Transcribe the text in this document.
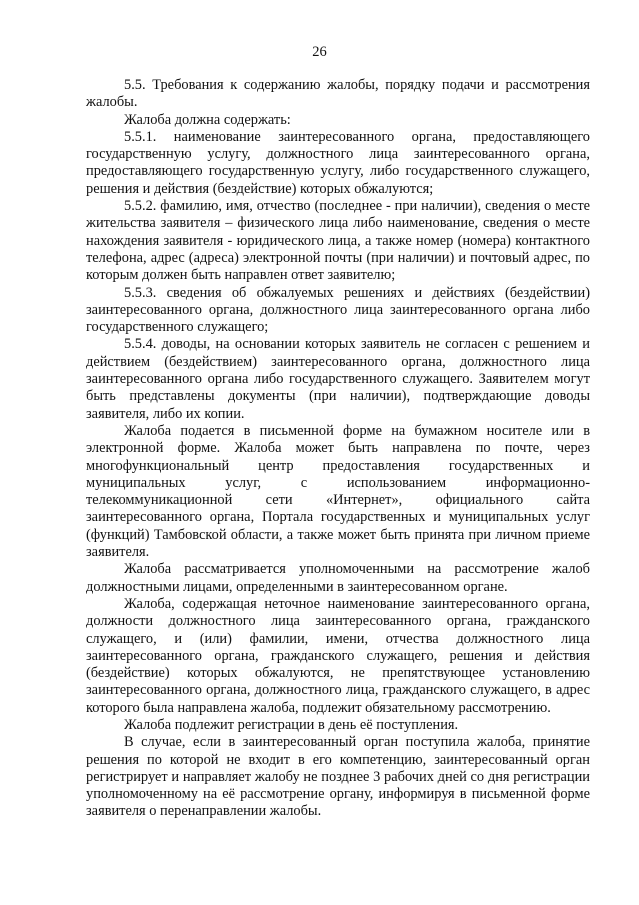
26

5.5. Требования к содержанию жалобы, порядку подачи и рассмотрения жалобы.

Жалоба должна содержать:

5.5.1. наименование заинтересованного органа, предоставляющего государственную услугу, должностного лица заинтересованного органа, предоставляющего государственную услугу, либо государственного служащего, решения и действия (бездействие) которых обжалуются;

5.5.2. фамилию, имя, отчество (последнее - при наличии), сведения о месте жительства заявителя – физического лица либо наименование, сведения о месте нахождения заявителя - юридического лица, а также номер (номера) контактного телефона, адрес (адреса) электронной почты (при наличии) и почтовый адрес, по которым должен быть направлен ответ заявителю;

5.5.3. сведения об обжалуемых решениях и действиях (бездействии) заинтересованного органа, должностного лица заинтересованного органа либо государственного служащего;

5.5.4. доводы, на основании которых заявитель не согласен с решением и действием (бездействием) заинтересованного органа, должностного лица заинтересованного органа либо государственного служащего. Заявителем могут быть представлены документы (при наличии), подтверждающие доводы заявителя, либо их копии.

Жалоба подается в письменной форме на бумажном носителе или в электронной форме. Жалоба может быть направлена по почте, через многофункциональный центр предоставления государственных и муниципальных услуг, с использованием информационно-телекоммуникационной сети «Интернет», официального сайта заинтересованного органа, Портала государственных и муниципальных услуг (функций) Тамбовской области, а также может быть принята при личном приеме заявителя.

Жалоба рассматривается уполномоченными на рассмотрение жалоб должностными лицами, определенными в заинтересованном органе.

Жалоба, содержащая неточное наименование заинтересованного органа, должности должностного лица заинтересованного органа, гражданского служащего, и (или) фамилии, имени, отчества должностного лица заинтересованного органа, гражданского служащего, решения и действия (бездействие) которых обжалуются, не препятствующее установлению заинтересованного органа, должностного лица, гражданского служащего, в адрес которого была направлена жалоба, подлежит обязательному рассмотрению.

Жалоба подлежит регистрации в день её поступления.

В случае, если в заинтересованный орган поступила жалоба, принятие решения по которой не входит в его компетенцию, заинтересованный орган регистрирует и направляет жалобу не позднее 3 рабочих дней со дня регистрации уполномоченному на её рассмотрение органу, информируя в письменной форме заявителя о перенаправлении жалобы.
